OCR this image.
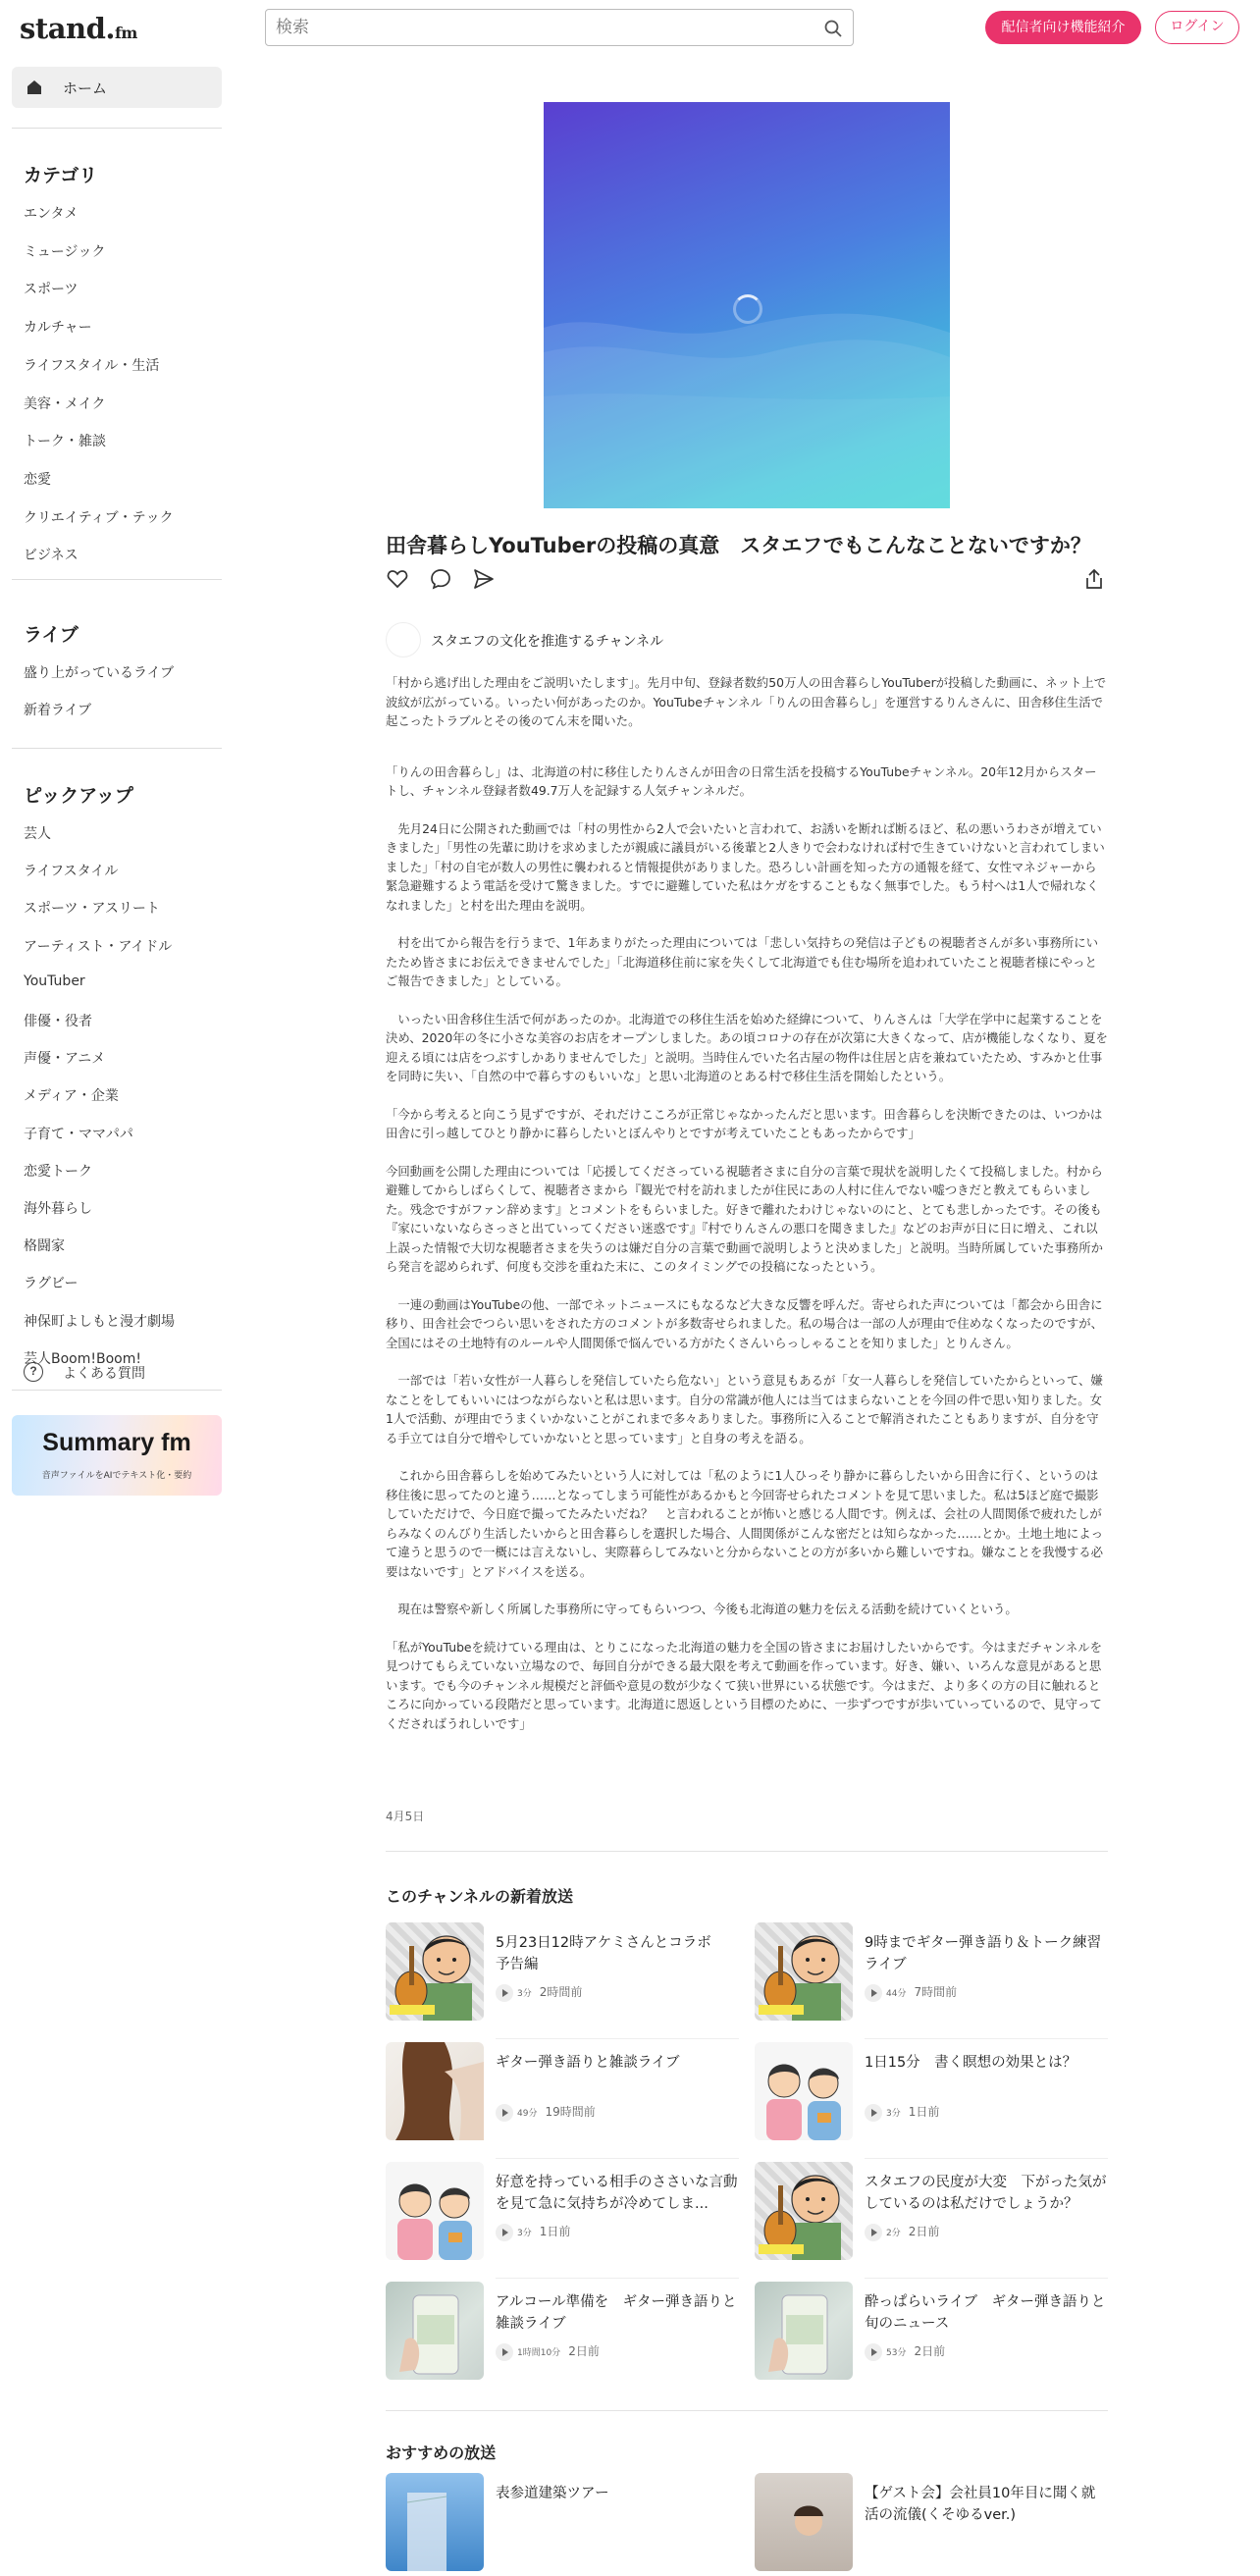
stand.fm
検索	配信者向け機能紹介	ログイン
ホーム
カテゴリ
エンタメ
ミュージック
スポーツ
カルチャー
ライフスタイル・生活
美容・メイク
トーク・雑談
恋愛
クリエイティブ・テック
ビジネス
ライブ
盛り上がっているライブ
新着ライブ
ピックアップ
芸人
ライフスタイル
スポーツ・アスリート
アーティスト・アイドル
YouTuber
俳優・役者
声優・アニメ
メディア・企業
子育て・ママパパ
恋愛トーク
海外暮らし
格闘家
ラグビー
神保町よしもと漫才劇場
芸人Boom!Boom!
?	よくある質問
Summary fm
音声ファイルをAIでテキスト化・要約
00:00	-00:00
田舎暮らしYouTuberの投稿の真意　スタエフでもこんなことないですか？
スタエフの文化を推進するチャンネル

「村から逃げ出した理由をご説明いたします」。先月中旬、登録者数約50万人の田舎暮らしYouTuberが投稿した動画に、ネット上で波紋が広がっている。いったい何があったのか。YouTubeチャンネル「りんの田舎暮らし」を運営するりんさんに、田舎移住生活で起こったトラブルとその後のてん末を聞いた。

「りんの田舎暮らし」は、北海道の村に移住したりんさんが田舎の日常生活を投稿するYouTubeチャンネル。20年12月からスタートし、チャンネル登録者数49.7万人を記録する人気チャンネルだ。

　先月24日に公開された動画では「村の男性から2人で会いたいと言われて、お誘いを断れば断るほど、私の悪いうわさが増えていきました」「男性の先輩に助けを求めましたが親戚に議員がいる後輩と2人きりで会わなければ村で生きていけないと言われてしまいました」「村の自宅が数人の男性に襲われると情報提供がありました。恐ろしい計画を知った方の通報を経て、女性マネジャーから緊急避難するよう電話を受けて驚きました。すでに避難していた私はケガをすることもなく無事でした。もう村へは1人で帰れなくなれました」と村を出た理由を説明。

　村を出てから報告を行うまで、1年あまりがたった理由については「悲しい気持ちの発信は子どもの視聴者さんが多い事務所にいたため皆さまにお伝えできませんでした」「北海道移住前に家を失くして北海道でも住む場所を追われていたこと視聴者様にやっとご報告できました」としている。

　いったい田舎移住生活で何があったのか。北海道での移住生活を始めた経緯について、りんさんは「大学在学中に起業することを決め、2020年の冬に小さな美容のお店をオープンしました。あの頃コロナの存在が次第に大きくなって、店が機能しなくなり、夏を迎える頃には店をつぶすしかありませんでした」と説明。当時住んでいた名古屋の物件は住居と店を兼ねていたため、すみかと仕事を同時に失い、「自然の中で暮らすのもいいな」と思い北海道のとある村で移住生活を開始したという。

「今から考えると向こう見ずですが、それだけこころが正常じゃなかったんだと思います。田舎暮らしを決断できたのは、いつかは田舎に引っ越してひとり静かに暮らしたいとぼんやりとですが考えていたこともあったからです」

今回動画を公開した理由については「応援してくださっている視聴者さまに自分の言葉で現状を説明したくて投稿しました。村から避難してからしばらくして、視聴者さまから『観光で村を訪れましたが住民にあの人村に住んでない嘘つきだと教えてもらいました。残念ですがファン辞めます』とコメントをもらいました。好きで離れたわけじゃないのにと、とても悲しかったです。その後も『家にいないならさっさと出ていってください迷惑です』『村でりんさんの悪口を聞きました』などのお声が日に日に増え、これ以上誤った情報で大切な視聴者さまを失うのは嫌だ自分の言葉で動画で説明しようと決めました」と説明。当時所属していた事務所から発言を認められず、何度も交渉を重ねた末に、このタイミングでの投稿になったという。

　一連の動画はYouTubeの他、一部でネットニュースにもなるなど大きな反響を呼んだ。寄せられた声については「都会から田舎に移り、田舎社会でつらい思いをされた方のコメントが多数寄せられました。私の場合は一部の人が理由で住めなくなったのですが、全国にはその土地特有のルールや人間関係で悩んでいる方がたくさんいらっしゃることを知りました」とりんさん。

　一部では「若い女性が一人暮らしを発信していたら危ない」という意見もあるが「女一人暮らしを発信していたからといって、嫌なことをしてもいいにはつながらないと私は思います。自分の常識が他人には当てはまらないことを今回の件で思い知りました。女1人で活動、が理由でうまくいかないことがこれまで多々ありました。事務所に入ることで解消されたこともありますが、自分を守る手立ては自分で増やしていかないとと思っています」と自身の考えを語る。

　これから田舎暮らしを始めてみたいという人に対しては「私のように1人ひっそり静かに暮らしたいから田舎に行く、というのは移住後に思ってたのと違う……となってしまう可能性があるかもと今回寄せられたコメントを見て思いました。私は5ほど庭で撮影していただけで、今日庭で撮ってたみたいだね？　と言われることが怖いと感じる人間です。例えば、会社の人間関係で疲れたしがらみなくのんびり生活したいからと田舎暮らしを選択した場合、人間関係がこんな密だとは知らなかった……とか。土地土地によって違うと思うので一概には言えないし、実際暮らしてみないと分からないことの方が多いから難しいですね。嫌なことを我慢する必要はないです」とアドバイスを送る。

　現在は警察や新しく所属した事務所に守ってもらいつつ、今後も北海道の魅力を伝える活動を続けていくという。

「私がYouTubeを続けている理由は、とりこになった北海道の魅力を全国の皆さまにお届けしたいからです。今はまだチャンネルを見つけてもらえていない立場なので、毎回自分ができる最大限を考えて動画を作っています。好き、嫌い、いろんな意見があると思います。でも今のチャンネル規模だと評価や意見の数が少なくて狭い世界にいる状態です。今はまだ、より多くの方の目に触れるところに向かっている段階だと思っています。北海道に恩返しという目標のために、一歩ずつですが歩いていっているので、見守ってくださればうれしいです」

4月5日
このチャンネルの新着放送
5月23日12時アケミさんとコラボ　予告編
3分 2時間前
9時までギター弾き語り＆トーク練習ライブ
44分 7時間前
ギター弾き語りと雑談ライブ
49分 19時間前
1日15分　書く瞑想の効果とは？
3分 1日前
好意を持っている相手のささいな言動を見て急に気持ちが冷めてしま...
3分 1日前
スタエフの民度が大変　下がった気がしているのは私だけでしょうか？
2分 2日前
アルコール準備を　ギター弾き語りと雑談ライブ
1時間10分 2日前
酔っぱらいライブ　ギター弾き語りと旬のニュース
53分 2日前
おすすめの放送
表参道建築ツアー	【ゲスト会】会社員10年目に聞く就活の流儀(くそゆるver.)
